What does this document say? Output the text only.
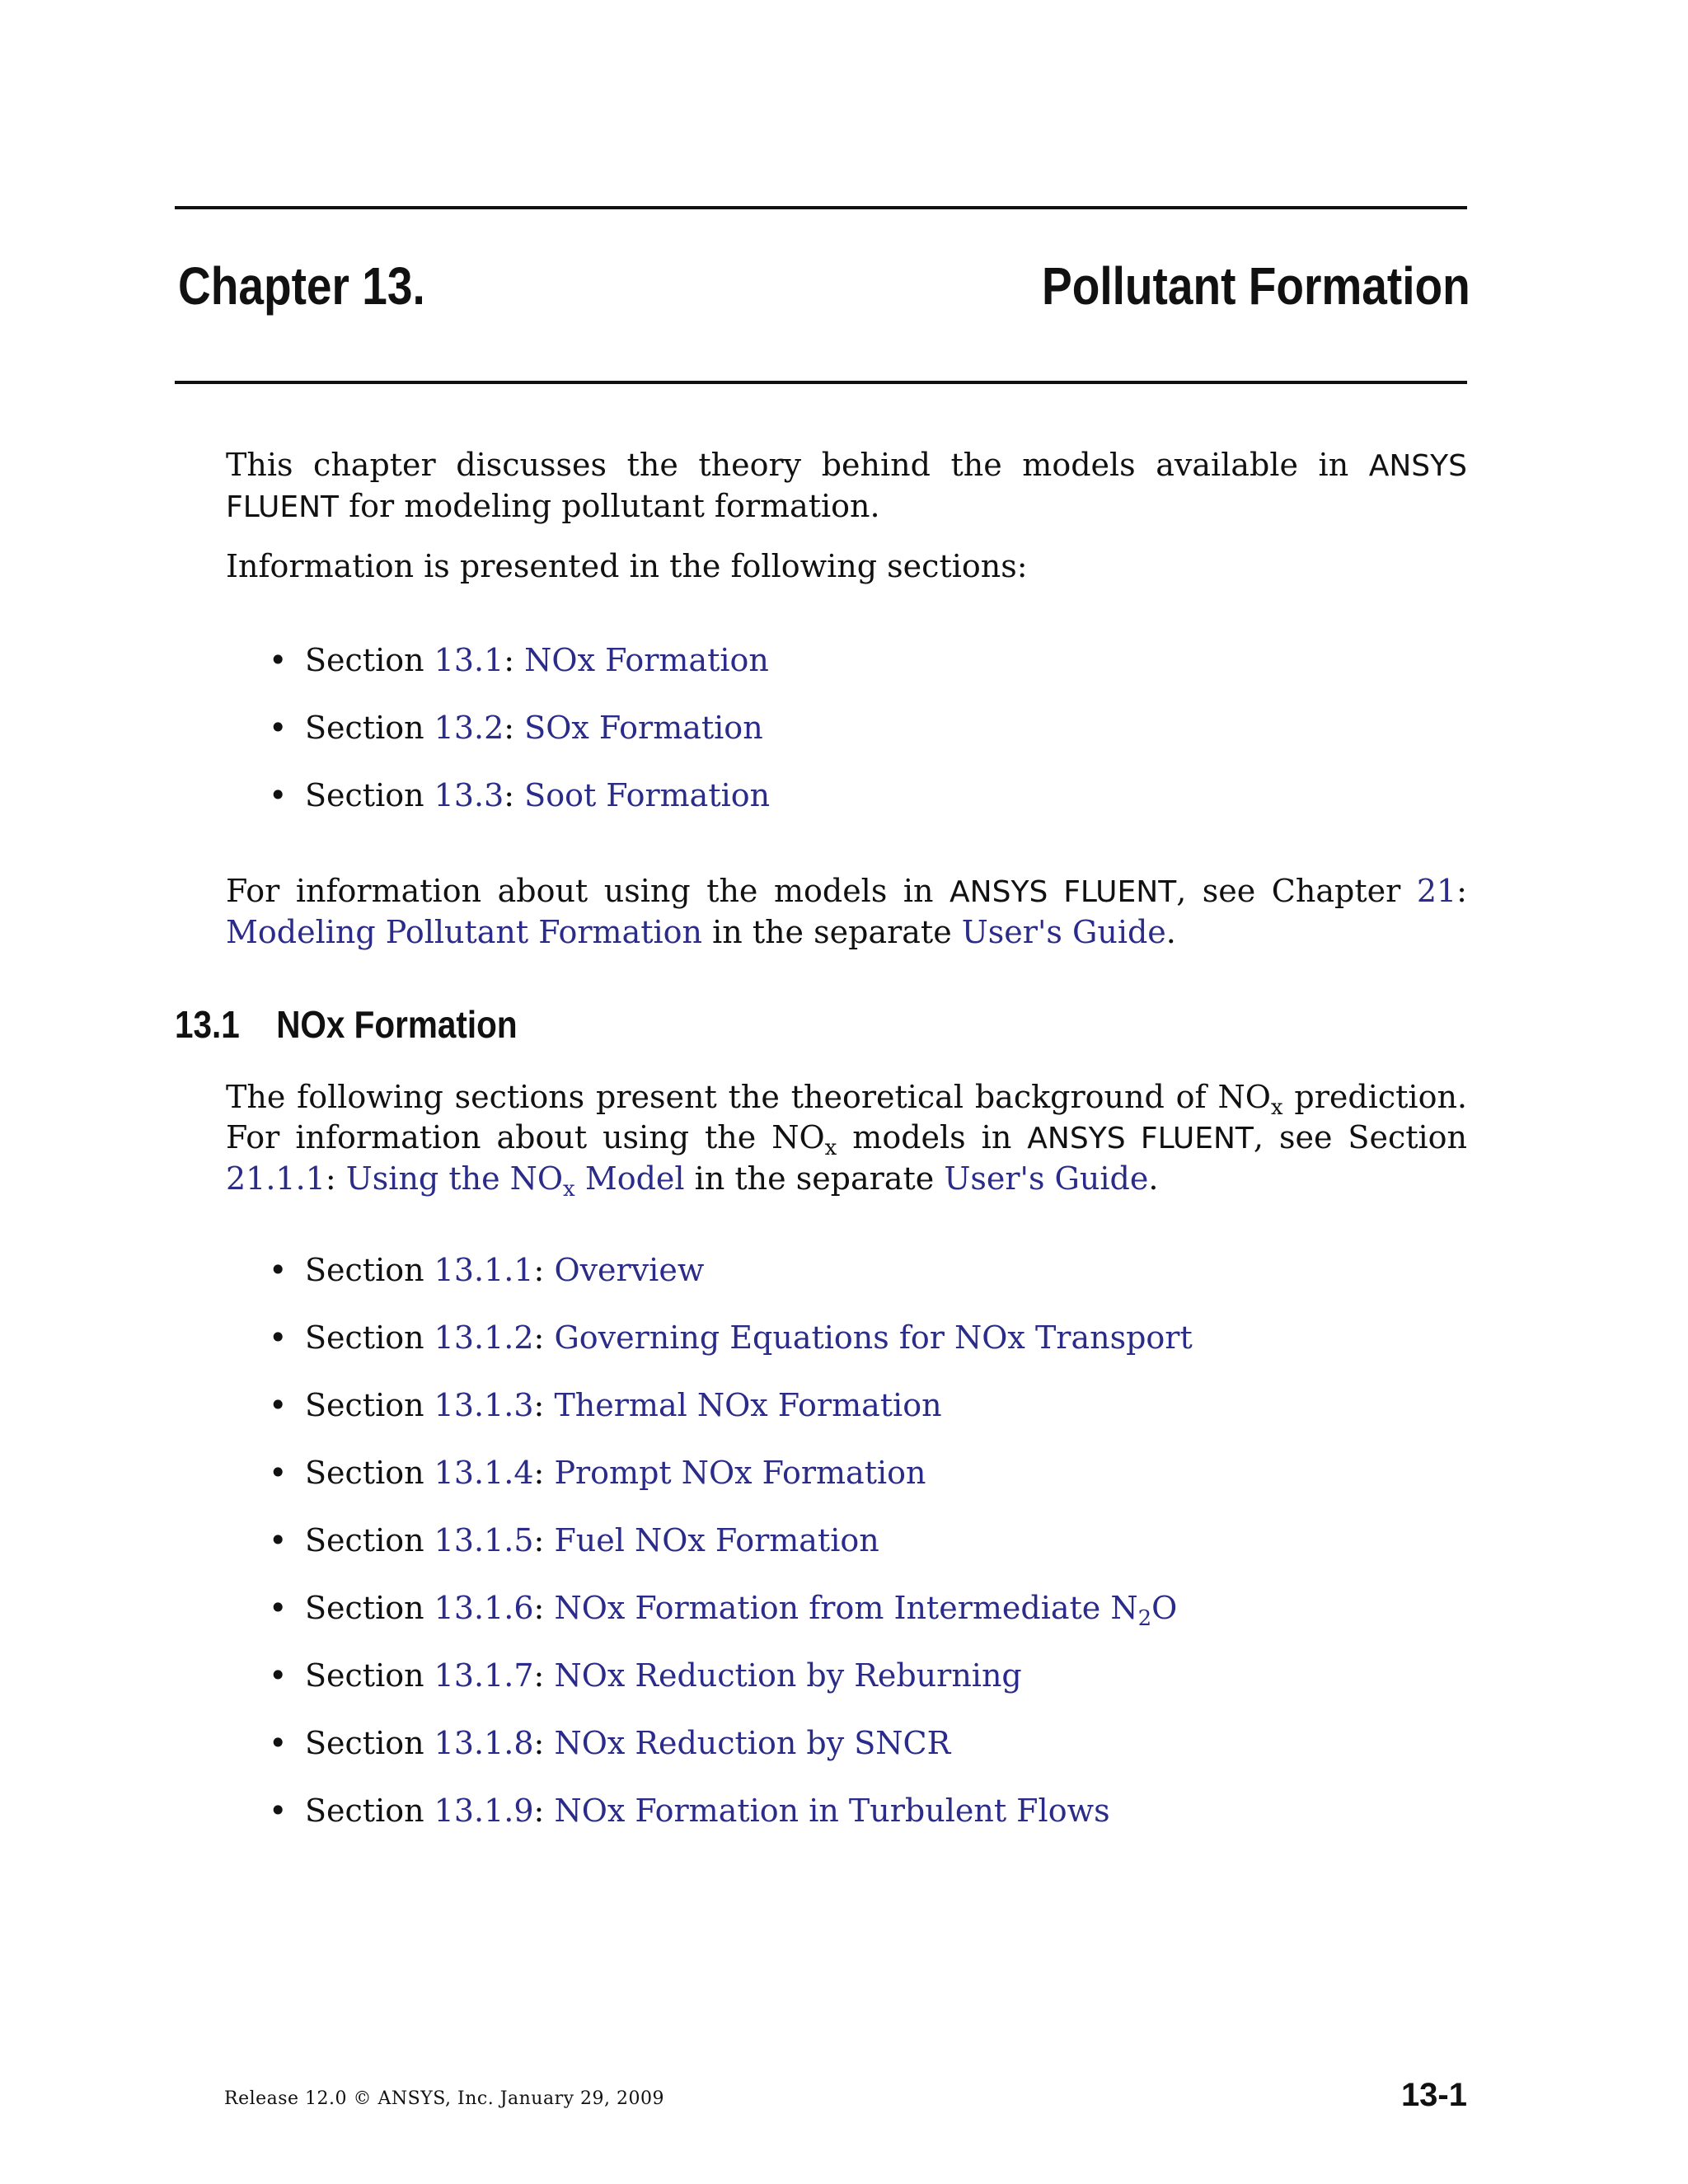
Chapter 13.	Pollutant Formation
This chapter discusses the theory behind the models available in ANSYS FLUENT for modeling pollutant formation.
Information is presented in the following sections:
• Section 13.1: NOx Formation
• Section 13.2: SOx Formation
• Section 13.3: Soot Formation
For information about using the models in ANSYS FLUENT, see Chapter 21: Modeling Pollutant Formation in the separate User's Guide.
13.1 NOx Formation
The following sections present the theoretical background of $NO_x$ prediction. For information about using the $NO_x$ models in ANSYS FLUENT, see Section 21.1.1: Using the $NO_x$ Model in the separate User's Guide.
• Section 13.1.1: Overview
• Section 13.1.2: Governing Equations for NOx Transport
• Section 13.1.3: Thermal NOx Formation
• Section 13.1.4: Prompt NOx Formation
• Section 13.1.5: Fuel NOx Formation
• Section 13.1.6: NOx Formation from Intermediate $N_2O$
• Section 13.1.7: NOx Reduction by Reburning
• Section 13.1.8: NOx Reduction by SNCR
• Section 13.1.9: NOx Formation in Turbulent Flows
Release 12.0 © ANSYS, Inc. January 29, 2009	13-1
